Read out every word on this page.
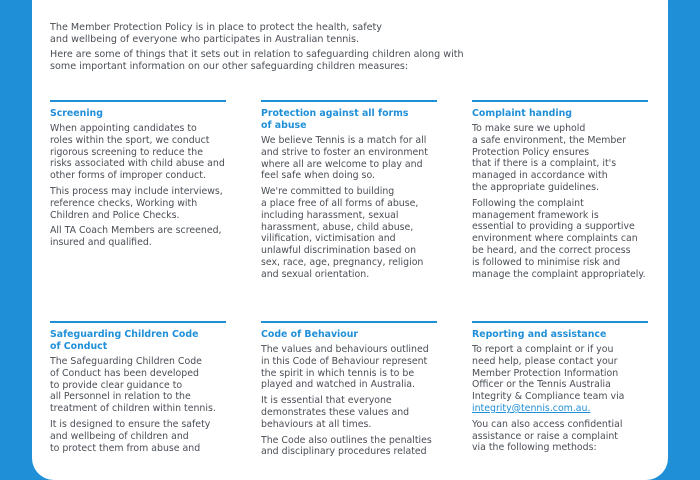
The Member Protection Policy is in place to protect the health, safety
and wellbeing of everyone who participates in Australian tennis.

Here are some of things that it sets out in relation to safeguarding children along with
some important information on our other safeguarding children measures:

Screening

When appointing candidates to
roles within the sport, we conduct
rigorous screening to reduce the
risks associated with child abuse and
other forms of improper conduct.

This process may include interviews,
reference checks, Working with
Children and Police Checks.

All TA Coach Members are screened,
insured and qualified.

Protection against all forms
of abuse

We believe Tennis is a match for all
and strive to foster an environment
where all are welcome to play and
feel safe when doing so.

We're committed to building
a place free of all forms of abuse,
including harassment, sexual
harassment, abuse, child abuse,
vilification, victimisation and
unlawful discrimination based on
sex, race, age, pregnancy, religion
and sexual orientation.

Complaint handing

To make sure we uphold
a safe environment, the Member
Protection Policy ensures
that if there is a complaint, it's
managed in accordance with
the appropriate guidelines.

Following the complaint
management framework is
essential to providing a supportive
environment where complaints can
be heard, and the correct process
is followed to minimise risk and
manage the complaint appropriately.

Safeguarding Children Code
of Conduct

The Safeguarding Children Code
of Conduct has been developed
to provide clear guidance to
all Personnel in relation to the
treatment of children within tennis.

It is designed to ensure the safety
and wellbeing of children and
to protect them from abuse and

Code of Behaviour

The values and behaviours outlined
in this Code of Behaviour represent
the spirit in which tennis is to be
played and watched in Australia.

It is essential that everyone
demonstrates these values and
behaviours at all times.

The Code also outlines the penalties
and disciplinary procedures related

Reporting and assistance

To report a complaint or if you
need help, please contact your
Member Protection Information
Officer or the Tennis Australia
Integrity & Compliance team via
integrity@tennis.com.au.

You can also access confidential
assistance or raise a complaint
via the following methods:
